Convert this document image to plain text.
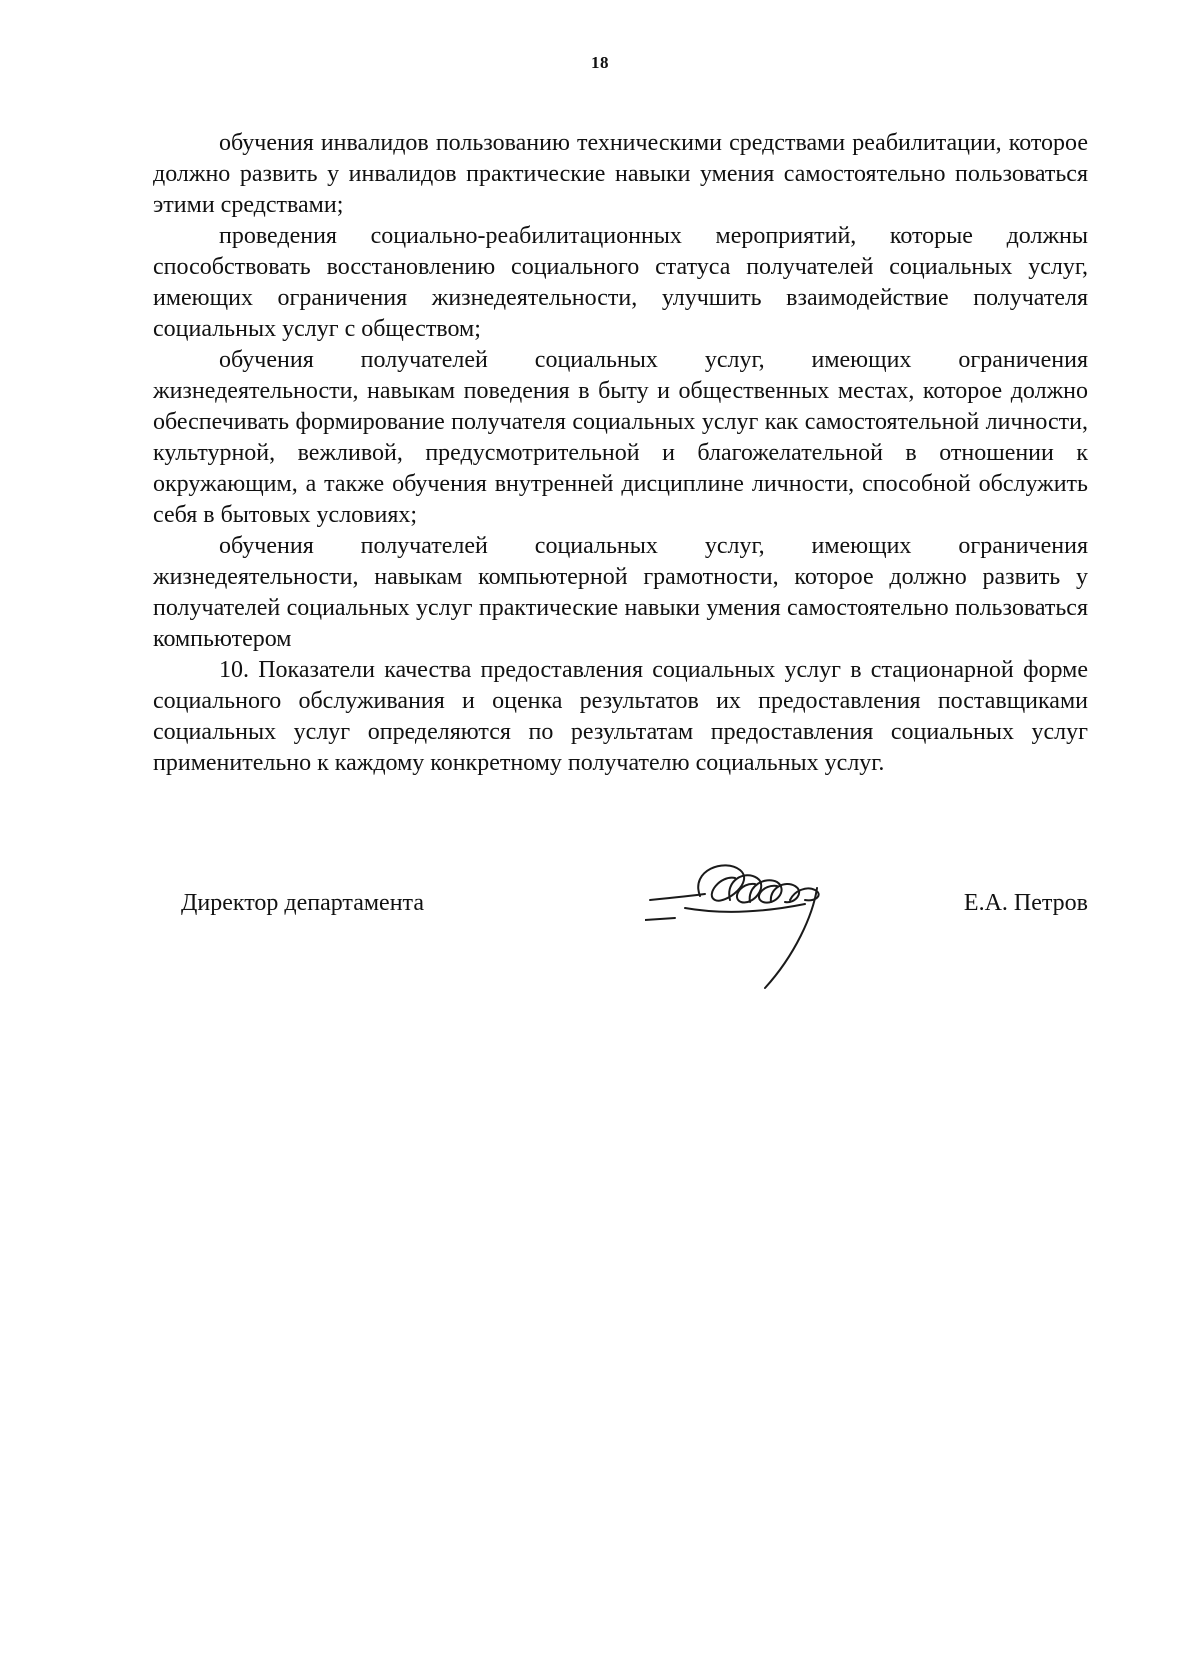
18

обучения инвалидов пользованию техническими средствами реабилитации, которое должно развить у инвалидов практические навыки умения самостоятельно пользоваться этими средствами;

проведения социально-реабилитационных мероприятий, которые должны способствовать восстановлению социального статуса получателей социальных услуг, имеющих ограничения жизнедеятельности, улучшить взаимодействие получателя социальных услуг с обществом;

обучения получателей социальных услуг, имеющих ограничения жизнедеятельности, навыкам поведения в быту и общественных местах, которое должно обеспечивать формирование получателя социальных услуг как самостоятельной личности, культурной, вежливой, предусмотрительной и благожелательной в отношении к окружающим, а также обучения внутренней дисциплине личности, способной обслужить себя в бытовых условиях;

обучения получателей социальных услуг, имеющих ограничения жизнедеятельности, навыкам компьютерной грамотности, которое должно развить у получателей социальных услуг практические навыки умения самостоятельно пользоваться компьютером

10. Показатели качества предоставления социальных услуг в стационарной форме социального обслуживания и оценка результатов их предоставления поставщиками социальных услуг определяются по результатам предоставления социальных услуг применительно к каждому конкретному получателю социальных услуг.

Директор департамента	Е.А. Петров
